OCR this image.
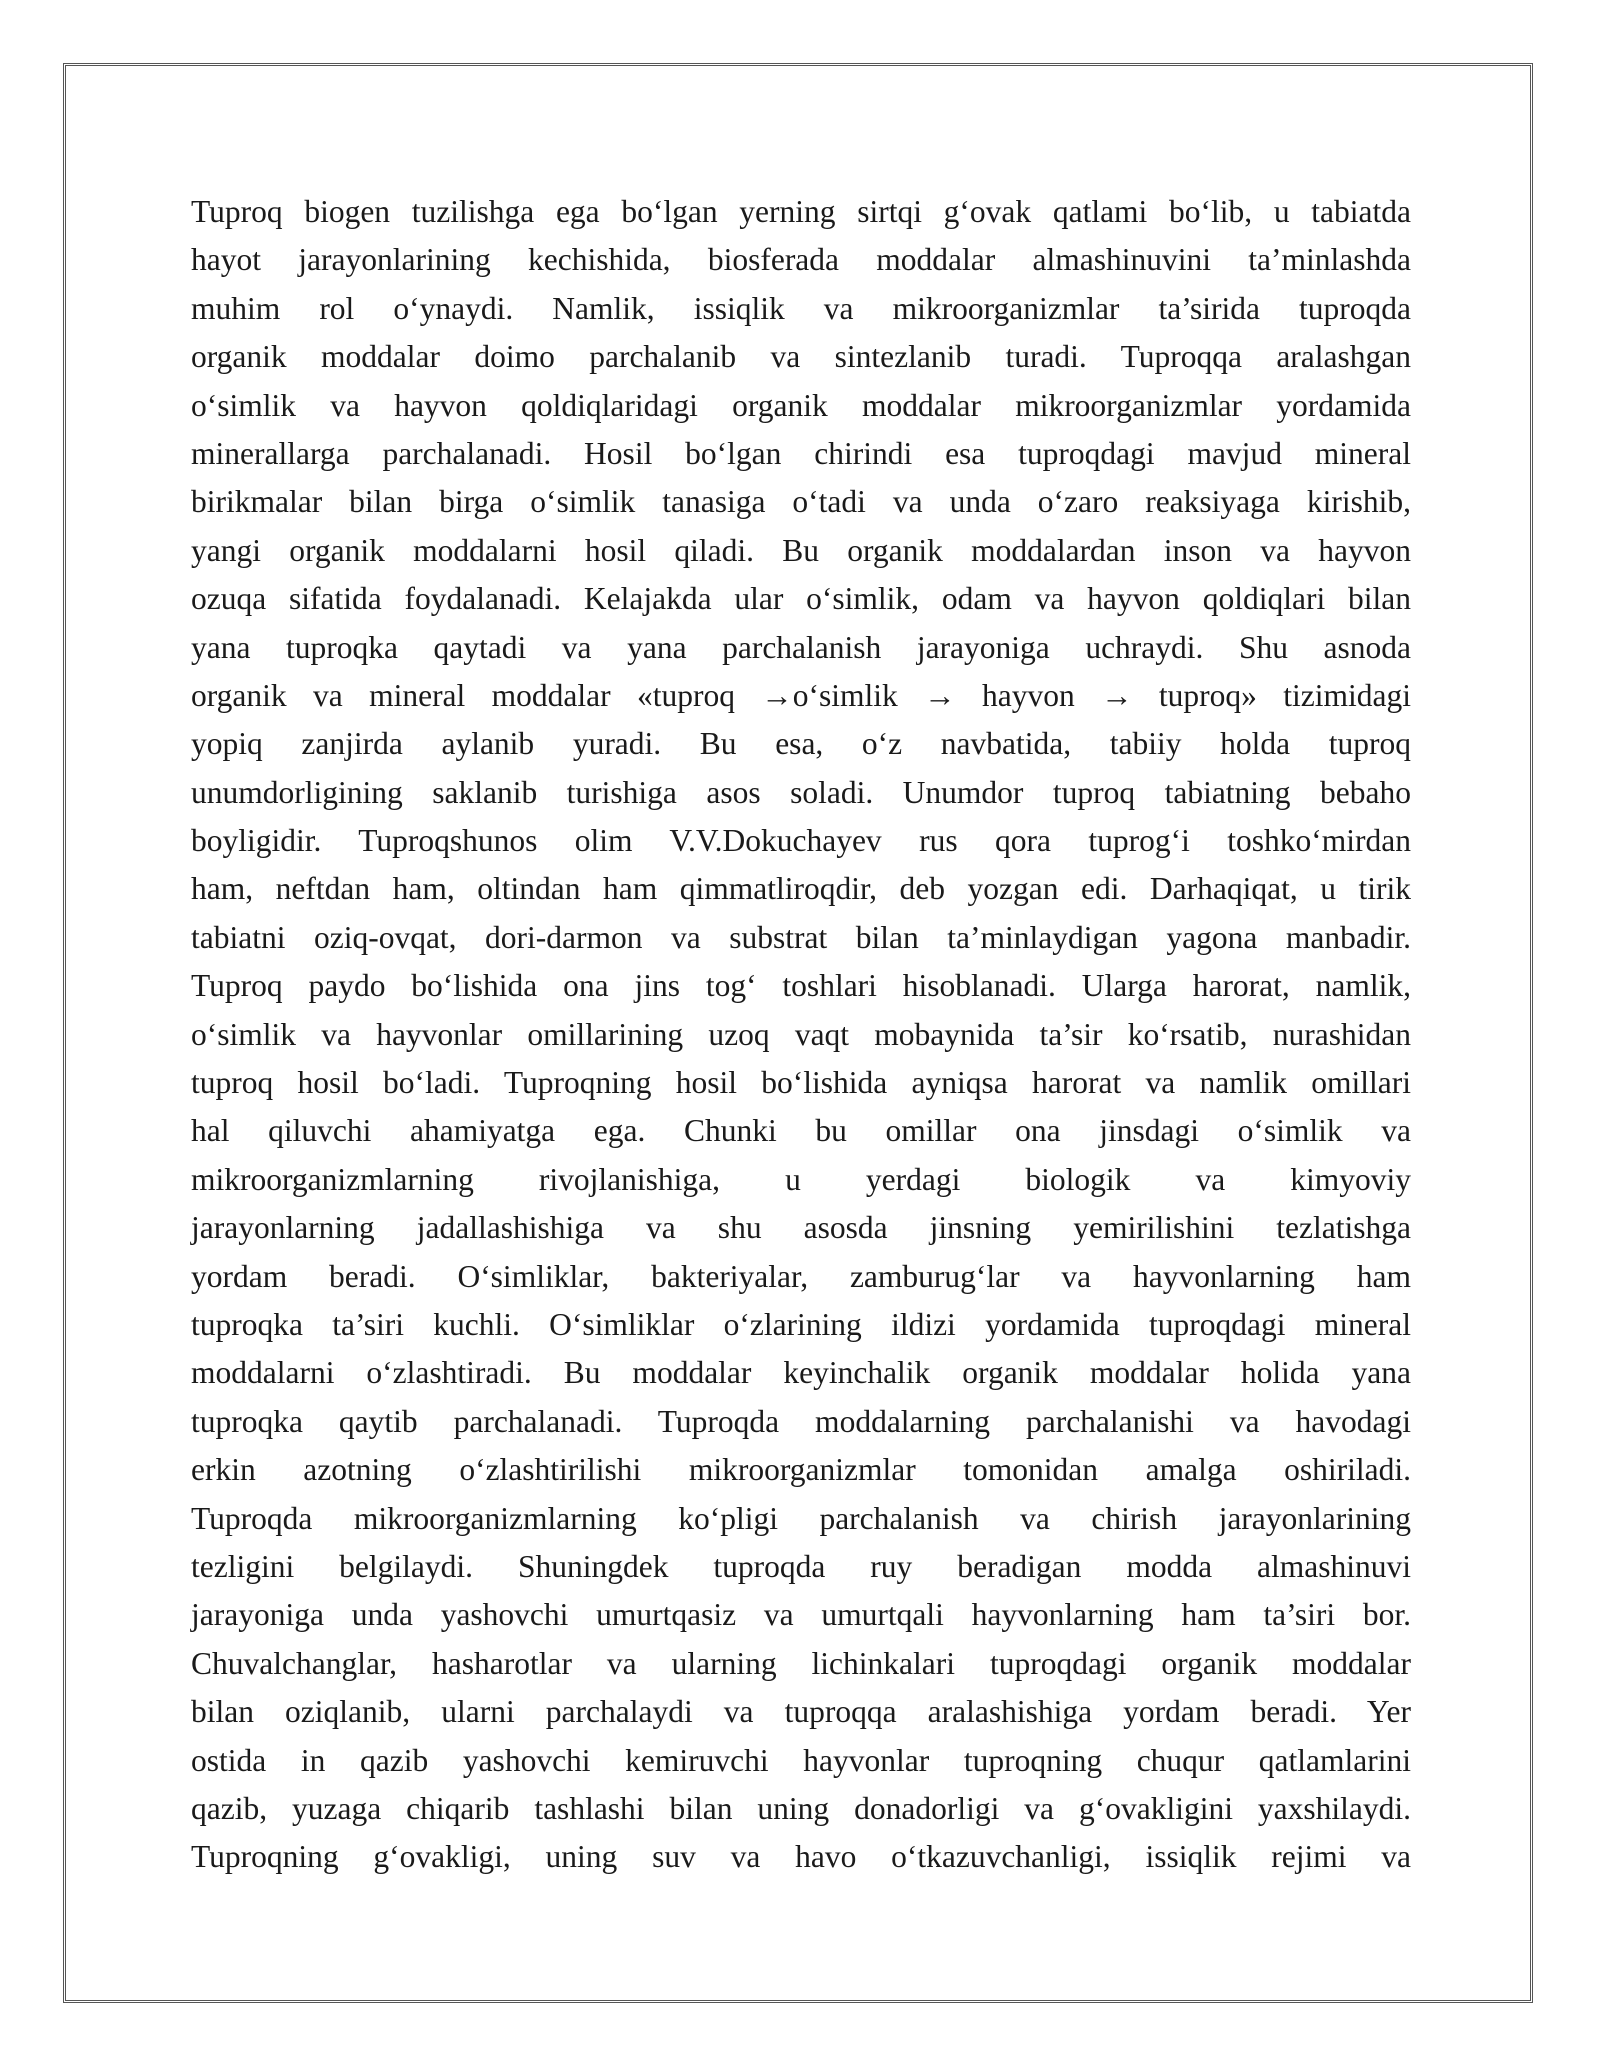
Tuproq biogen tuzilishga ega bo‘lgan yerning sirtqi g‘ovak qatlami bo‘lib, u tabiatda
hayot jarayonlarining kechishida, biosferada moddalar almashinuvini ta’minlashda
muhim rol o‘ynaydi. Namlik, issiqlik va mikroorganizmlar ta’sirida tuproqda
organik moddalar doimo parchalanib va sintezlanib turadi. Tuproqqa aralashgan
o‘simlik va hayvon qoldiqlaridagi organik moddalar mikroorganizmlar yordamida
minerallarga parchalanadi. Hosil bo‘lgan chirindi esa tuproqdagi mavjud mineral
birikmalar bilan birga o‘simlik tanasiga o‘tadi va unda o‘zaro reaksiyaga kirishib,
yangi organik moddalarni hosil qiladi. Bu organik moddalardan inson va hayvon
ozuqa sifatida foydalanadi. Kelajakda ular o‘simlik, odam va hayvon qoldiqlari bilan
yana tuproqka qaytadi va yana parchalanish jarayoniga uchraydi. Shu asnoda
organik va mineral moddalar «tuproq →o‘simlik → hayvon → tuproq» tizimidagi
yopiq zanjirda aylanib yuradi. Bu esa, o‘z navbatida, tabiiy holda tuproq
unumdorligining saklanib turishiga asos soladi. Unumdor tuproq tabiatning bebaho
boyligidir. Tuproqshunos olim V.V.Dokuchayev rus qora tuprog‘i toshko‘mirdan
ham, neftdan ham, oltindan ham qimmatliroqdir, deb yozgan edi. Darhaqiqat, u tirik
tabiatni oziq-ovqat, dori-darmon va substrat bilan ta’minlaydigan yagona manbadir.
Tuproq paydo bo‘lishida ona jins tog‘ toshlari hisoblanadi. Ularga harorat, namlik,
o‘simlik va hayvonlar omillarining uzoq vaqt mobaynida ta’sir ko‘rsatib, nurashidan
tuproq hosil bo‘ladi. Tuproqning hosil bo‘lishida ayniqsa harorat va namlik omillari
hal qiluvchi ahamiyatga ega. Chunki bu omillar ona jinsdagi o‘simlik va
mikroorganizmlarning rivojlanishiga, u yerdagi biologik va kimyoviy
jarayonlarning jadallashishiga va shu asosda jinsning yemirilishini tezlatishga
yordam beradi. O‘simliklar, bakteriyalar, zamburug‘lar va hayvonlarning ham
tuproqka ta’siri kuchli. O‘simliklar o‘zlarining ildizi yordamida tuproqdagi mineral
moddalarni o‘zlashtiradi. Bu moddalar keyinchalik organik moddalar holida yana
tuproqka qaytib parchalanadi. Tuproqda moddalarning parchalanishi va havodagi
erkin azotning o‘zlashtirilishi mikroorganizmlar tomonidan amalga oshiriladi.
Tuproqda mikroorganizmlarning ko‘pligi parchalanish va chirish jarayonlarining
tezligini belgilaydi. Shuningdek tuproqda ruy beradigan modda almashinuvi
jarayoniga unda yashovchi umurtqasiz va umurtqali hayvonlarning ham ta’siri bor.
Chuvalchanglar, hasharotlar va ularning lichinkalari tuproqdagi organik moddalar
bilan oziqlanib, ularni parchalaydi va tuproqqa aralashishiga yordam beradi. Yer
ostida in qazib yashovchi kemiruvchi hayvonlar tuproqning chuqur qatlamlarini
qazib, yuzaga chiqarib tashlashi bilan uning donadorligi va g‘ovakligini yaxshilaydi.
Tuproqning g‘ovakligi, uning suv va havo o‘tkazuvchanligi, issiqlik rejimi va
